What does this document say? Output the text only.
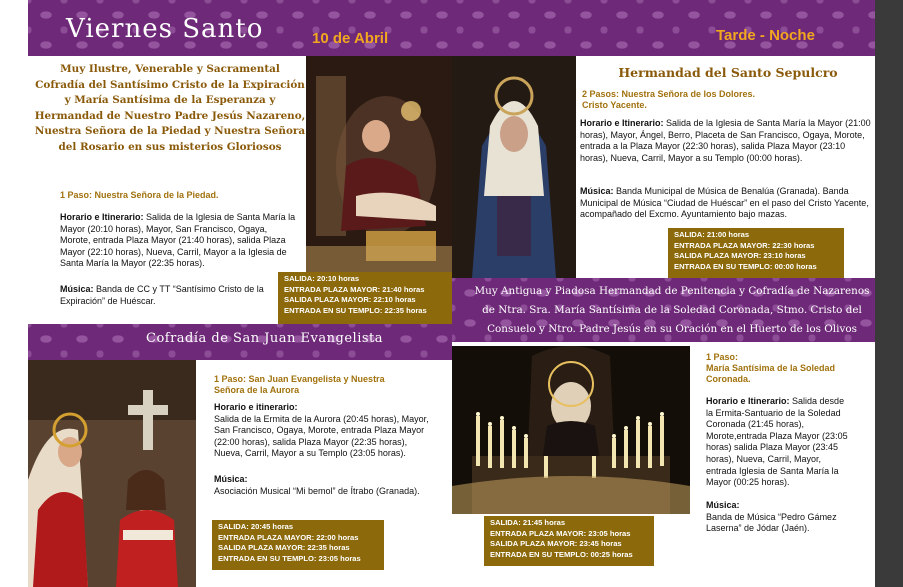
Viernes Santo	10 de Abril	Tarde - Noche
Muy Ilustre, Venerable y Sacramental Cofradía del Santísimo Cristo de la Expiración y María Santísima de la Esperanza y Hermandad de Nuestro Padre Jesús Nazareno, Nuestra Señora de la Piedad y Nuestra Señora del Rosario en sus misterios Gloriosos
1 Paso: Nuestra Señora de la Piedad.
Horario e Itinerario: Salida de la Iglesia de Santa María la Mayor (20:10 horas), Mayor, San Francisco, Ogaya, Morote, entrada Plaza Mayor (21:40 horas), salida Plaza Mayor (22:10 horas), Nueva, Carril, Mayor a la Iglesia de Santa María la Mayor (22:35 horas).
Música: Banda de CC y TT “Santísimo Cristo de la Expiración” de Huéscar.
SALIDA: 20:10 horas
ENTRADA PLAZA MAYOR: 21:40 horas
SALIDA PLAZA MAYOR: 22:10 horas
ENTRADA EN SU TEMPLO: 22:35 horas
Hermandad del Santo Sepulcro
2 Pasos: Nuestra Señora de los Dolores.
Cristo Yacente.
Horario e Itinerario: Salida de la Iglesia de Santa María la Mayor (21:00 horas), Mayor, Ángel, Berro, Placeta de San Francisco, Ogaya, Morote, entrada a la Plaza Mayor (22:30 horas), salida Plaza Mayor (23:10 horas), Nueva, Carril, Mayor a su Templo (00:00 horas).
Música: Banda Municipal de Música de Benalúa (Granada). Banda Municipal de Música “Ciudad de Huéscar” en el paso del Cristo Yacente, acompañado del Excmo. Ayuntamiento bajo mazas.
SALIDA: 21:00 horas
ENTRADA PLAZA MAYOR: 22:30 horas
SALIDA PLAZA MAYOR: 23:10 horas
ENTRADA EN SU TEMPLO: 00:00 horas
Muy Antigua y Piadosa Hermandad de Penitencia y Cofradía de Nazarenos de Ntra. Sra. María Santísima de la Soledad Coronada, Stmo. Cristo del Consuelo y Ntro. Padre Jesús en su Oración en el Huerto de los Olivos
Cofradía de San Juan Evangelista
1 Paso: San Juan Evangelista y Nuestra Señora de la Aurora
Horario e itinerario:
Salida de la Ermita de la Aurora (20:45 horas), Mayor, San Francisco, Ogaya, Morote, entrada Plaza Mayor (22:00 horas), salida Plaza Mayor (22:35 horas), Nueva, Carril, Mayor a su Templo (23:05 horas).
Música:
Asociación Musical “Mi bemol” de Ítrabo (Granada).
SALIDA: 20:45 horas
ENTRADA PLAZA MAYOR: 22:00 horas
SALIDA PLAZA MAYOR: 22:35 horas
ENTRADA EN SU TEMPLO: 23:05 horas
1 Paso:
María Santísima de la Soledad Coronada.
Horario e Itinerario: Salida desde la Ermita-Santuario de la Soledad Coronada (21:45 horas), Morote,entrada Plaza Mayor (23:05 horas) salida Plaza Mayor (23:45 horas), Nueva, Carril, Mayor, entrada Iglesia de Santa María la Mayor (00:25 horas).
Música:
Banda de Música “Pedro Gámez Laserna” de Jódar (Jaén).
SALIDA: 21:45 horas
ENTRADA PLAZA MAYOR: 23:05 horas
SALIDA PLAZA MAYOR: 23:45 horas
ENTRADA EN SU TEMPLO: 00:25 horas
